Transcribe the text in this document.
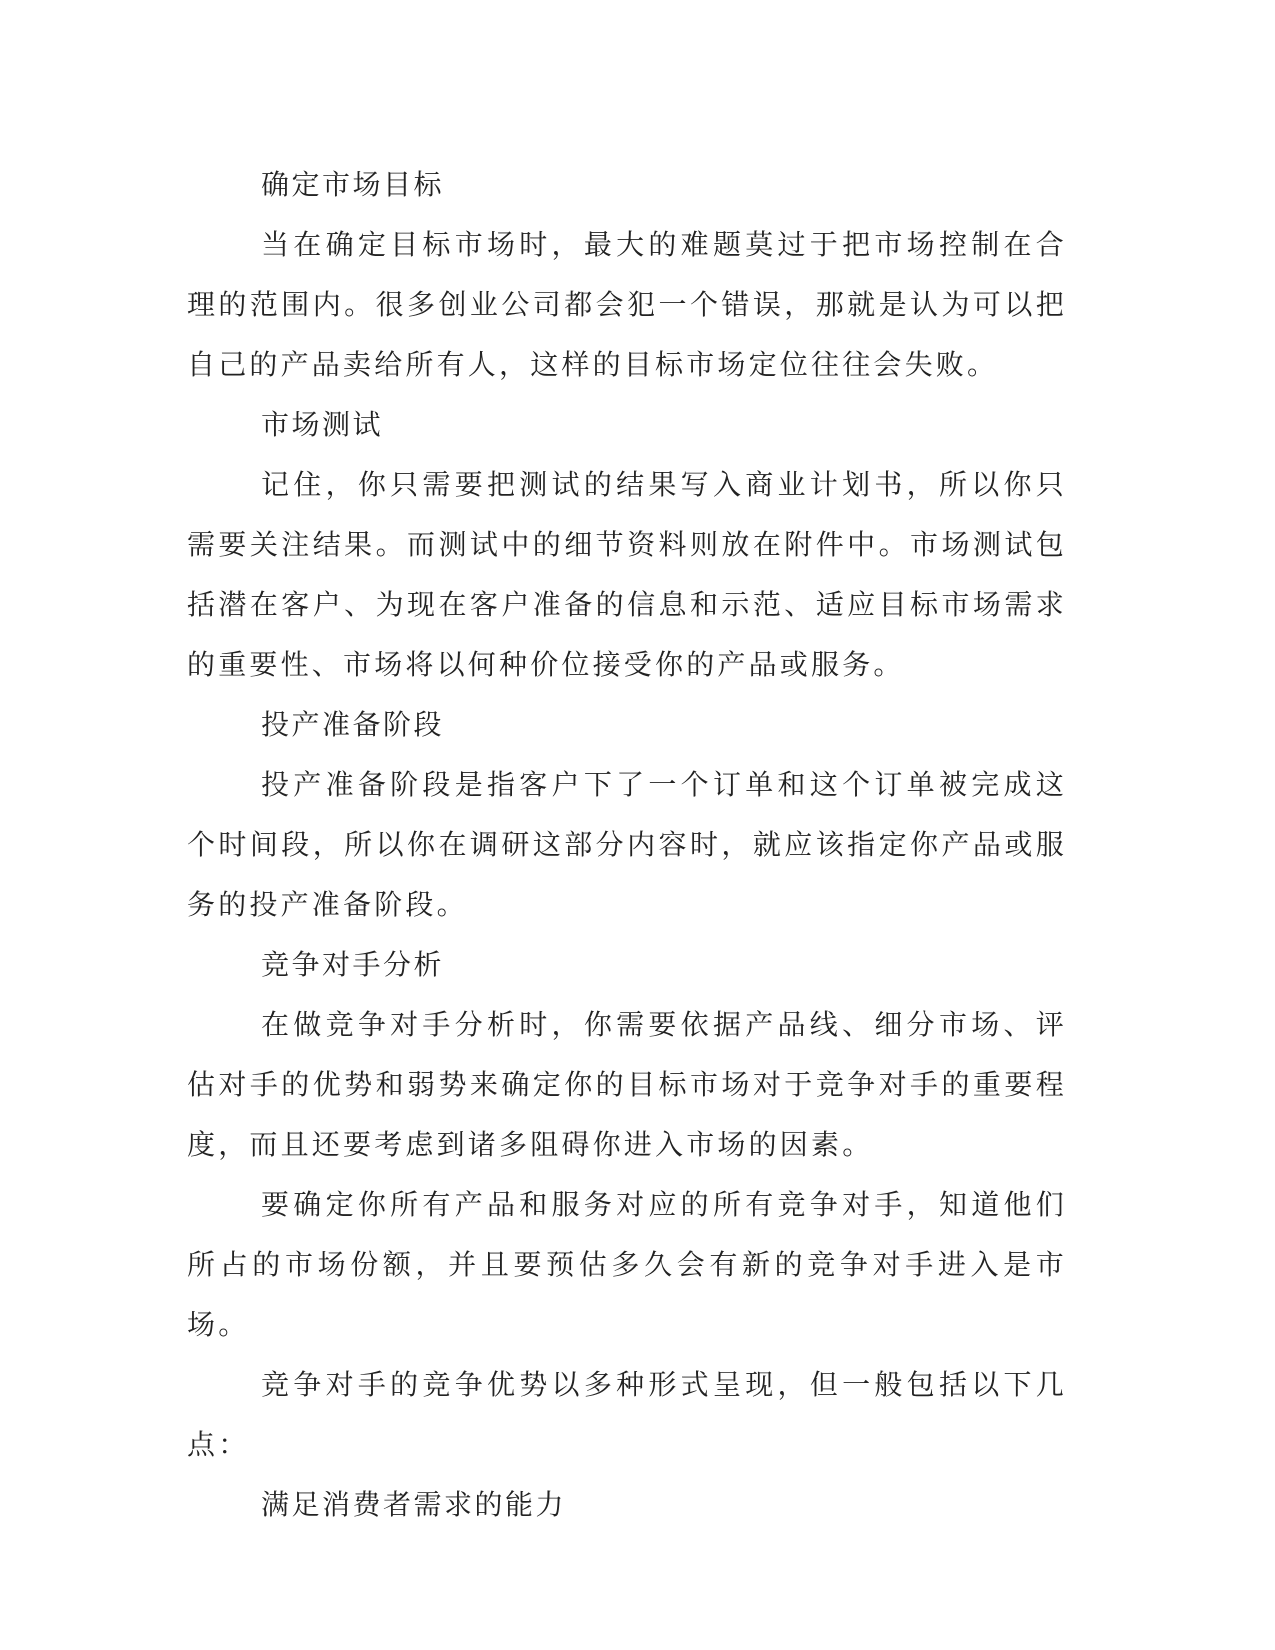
确定市场目标

当在确定目标市场时，最大的难题莫过于把市场控制在合理的范围内。很多创业公司都会犯一个错误，那就是认为可以把自己的产品卖给所有人，这样的目标市场定位往往会失败。

市场测试

记住，你只需要把测试的结果写入商业计划书，所以你只需要关注结果。而测试中的细节资料则放在附件中。市场测试包括潜在客户、为现在客户准备的信息和示范、适应目标市场需求的重要性、市场将以何种价位接受你的产品或服务。

投产准备阶段

投产准备阶段是指客户下了一个订单和这个订单被完成这个时间段，所以你在调研这部分内容时，就应该指定你产品或服务的投产准备阶段。

竞争对手分析

在做竞争对手分析时，你需要依据产品线、细分市场、评估对手的优势和弱势来确定你的目标市场对于竞争对手的重要程度，而且还要考虑到诸多阻碍你进入市场的因素。

要确定你所有产品和服务对应的所有竞争对手，知道他们所占的市场份额，并且要预估多久会有新的竞争对手进入是市场。

竞争对手的竞争优势以多种形式呈现，但一般包括以下几点：

满足消费者需求的能力
